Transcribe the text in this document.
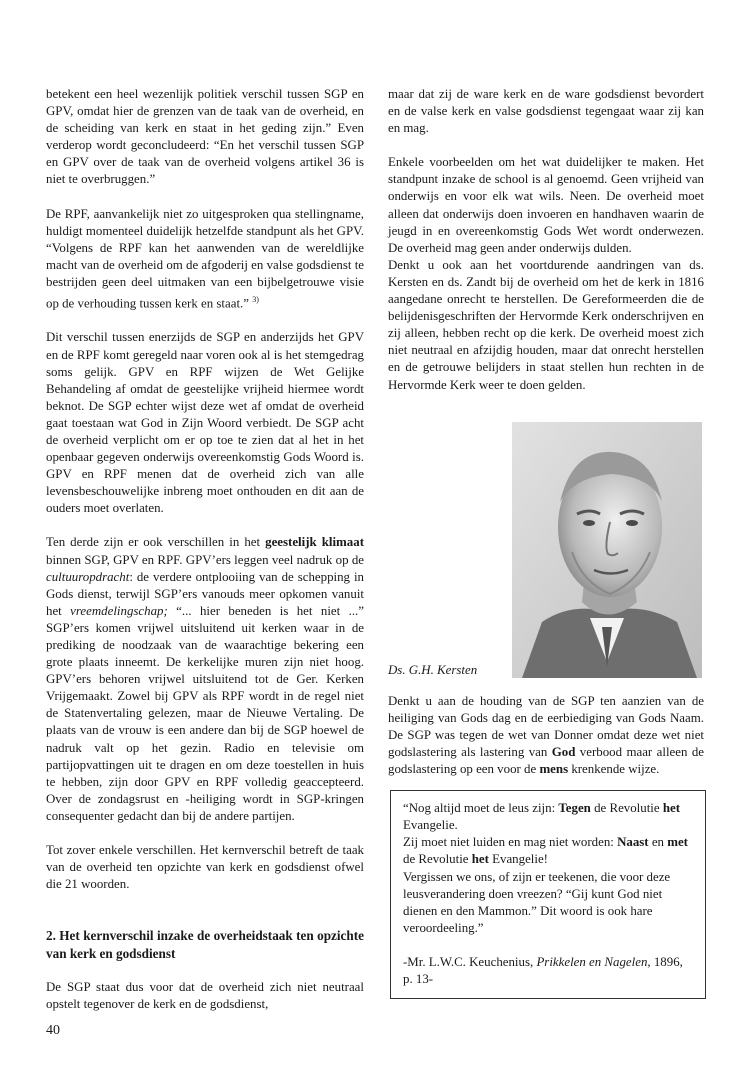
betekent een heel wezenlijk politiek verschil tussen SGP en GPV, omdat hier de grenzen van de taak van de overheid, en de scheiding van kerk en staat in het geding zijn.” Even verderop wordt geconcludeerd: “En het verschil tussen SGP en GPV over de taak van de overheid volgens artikel 36 is niet te overbruggen.”

De RPF, aanvankelijk niet zo uitgesproken qua stellingname, huldigt momenteel duidelijk hetzelfde standpunt als het GPV. “Volgens de RPF kan het aanwenden van de wereldlijke macht van de overheid om de afgoderij en valse godsdienst te bestrijden geen deel uitmaken van een bijbelgetrouwe visie op de verhouding tussen kerk en staat.” $^{3)}$

Dit verschil tussen enerzijds de SGP en anderzijds het GPV en de RPF komt geregeld naar voren ook al is het stemgedrag soms gelijk. GPV en RPF wijzen de Wet Gelijke Behandeling af omdat de geestelijke vrijheid hiermee wordt beknot. De SGP echter wijst deze wet af omdat de overheid gaat toestaan wat God in Zijn Woord verbiedt. De SGP acht de overheid verplicht om er op toe te zien dat al het in het openbaar gegeven onderwijs overeenkomstig Gods Woord is. GPV en RPF menen dat de overheid zich van alle levensbeschouwelijke inbreng moet onthouden en dit aan de ouders moet overlaten.

Ten derde zijn er ook verschillen in het geestelijk klimaat binnen SGP, GPV en RPF. GPV’ers leggen veel nadruk op de cultuuropdracht: de verdere ontplooiing van de schepping in Gods dienst, terwijl SGP’ers vanouds meer opkomen vanuit het vreemdelingschap; “... hier beneden is het niet ...” SGP’ers komen vrijwel uitsluitend uit kerken waar in de prediking de noodzaak van de waarachtige bekering een grote plaats inneemt. De kerkelijke muren zijn niet hoog. GPV’ers behoren vrijwel uitsluitend tot de Ger. Kerken Vrijgemaakt. Zowel bij GPV als RPF wordt in de regel niet de Statenvertaling gelezen, maar de Nieuwe Vertaling. De plaats van de vrouw is een andere dan bij de SGP hoewel de nadruk valt op het gezin. Radio en televisie om partijopvattingen uit te dragen en om deze toestellen in huis te hebben, zijn door GPV en RPF volledig geaccepteerd. Over de zondagsrust en -heiliging wordt in SGP-kringen consequenter gedacht dan bij de andere partijen.

Tot zover enkele verschillen. Het kernverschil betreft de taak van de overheid ten opzichte van kerk en godsdienst ofwel die 21 woorden.

2. Het kernverschil inzake de overheidstaak ten opzichte van kerk en godsdienst

De SGP staat dus voor dat de overheid zich niet neutraal opstelt tegenover de kerk en de godsdienst,

maar dat zij de ware kerk en de ware godsdienst bevordert en de valse kerk en valse godsdienst tegengaat waar zij kan en mag.

Enkele voorbeelden om het wat duidelijker te maken. Het standpunt inzake de school is al genoemd. Geen vrijheid van onderwijs en voor elk wat wils. Neen. De overheid moet alleen dat onderwijs doen invoeren en handhaven waarin de jeugd in en overeenkomstig Gods Wet wordt onderwezen. De overheid mag geen ander onderwijs dulden.

Denkt u ook aan het voortdurende aandringen van ds. Kersten en ds. Zandt bij de overheid om het de kerk in 1816 aangedane onrecht te herstellen. De Gereformeerden die de belijdenisgeschriften der Hervormde Kerk onderschrijven en zij alleen, hebben recht op die kerk. De overheid moest zich niet neutraal en afzijdig houden, maar dat onrecht herstellen en de getrouwe belijders in staat stellen hun rechten in de Hervormde Kerk weer te doen gelden.

Ds. G.H. Kersten

Denkt u aan de houding van de SGP ten aanzien van de heiliging van Gods dag en de eerbiediging van Gods Naam. De SGP was tegen de wet van Donner omdat deze wet niet godslastering als lastering van God verbood maar alleen de godslastering op een voor de mens krenkende wijze.

“Nog altijd moet de leus zijn: Tegen de Revolutie het Evangelie.

Zij moet niet luiden en mag niet worden: Naast en met de Revolutie het Evangelie!

Vergissen we ons, of zijn er teekenen, die voor deze leusverandering doen vreezen? “Gij kunt God niet dienen en den Mammon.” Dit woord is ook hare veroordeeling.”

-Mr. L.W.C. Keuchenius, Prikkelen en Nagelen, 1896, p. 13-

40
